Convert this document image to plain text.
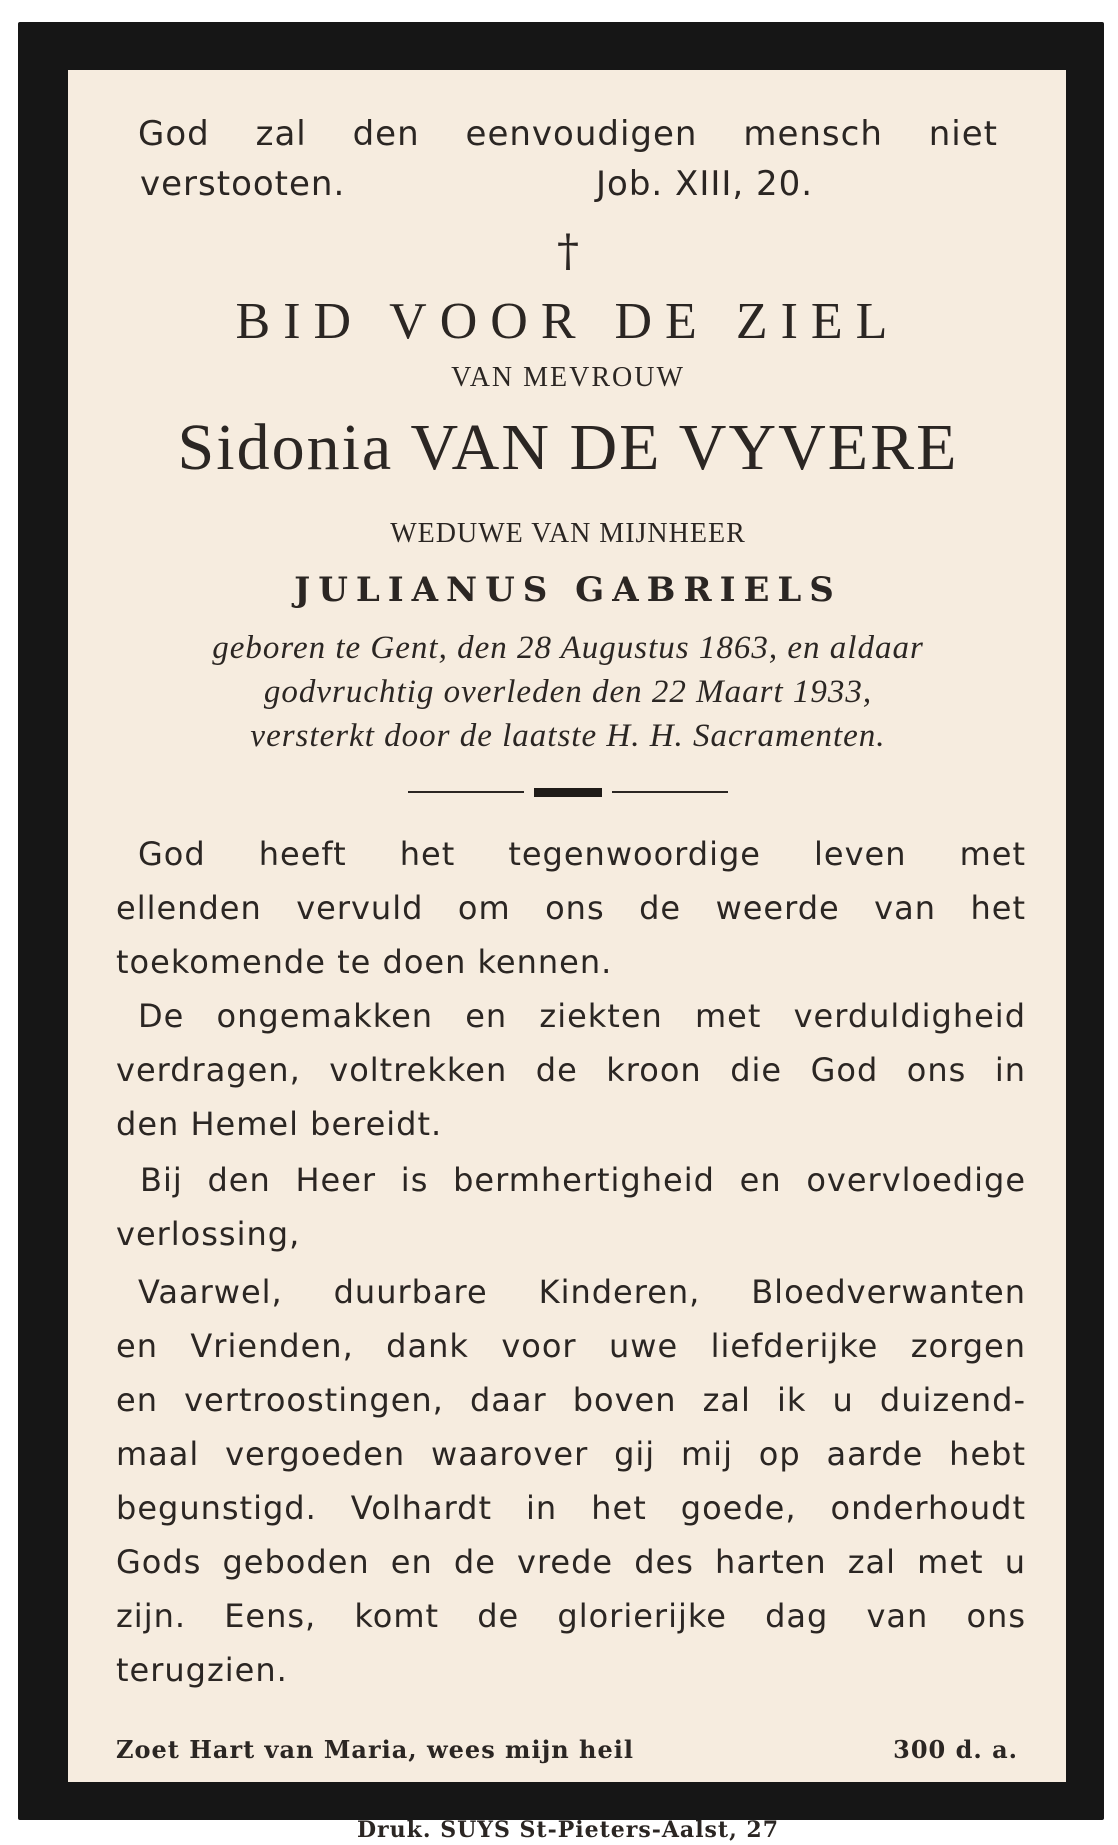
God zal den eenvoudigen mensch niet
verstooten.	Job. XIII, 20.
†
BID VOOR DE ZIEL
VAN MEVROUW
Sidonia VAN DE VYVERE
WEDUWE VAN MIJNHEER
JULIANUS GABRIELS
geboren te Gent, den 28 Augustus 1863, en aldaar
godvruchtig overleden den 22 Maart 1933,
versterkt door de laatste H. H. Sacramenten.
God heeft het tegenwoordige leven met
ellenden vervuld om ons de weerde van het
toekomende te doen kennen.
De ongemakken en ziekten met verduldigheid
verdragen, voltrekken de kroon die God ons in
den Hemel bereidt.
Bij den Heer is bermhertigheid en overvloedige
verlossing,
Vaarwel, duurbare Kinderen, Bloedverwanten
en Vrienden, dank voor uwe liefderijke zorgen
en vertroostingen, daar boven zal ik u duizend-
maal vergoeden waarover gij mij op aarde hebt
begunstigd. Volhardt in het goede, onderhoudt
Gods geboden en de vrede des harten zal met u
zijn. Eens, komt de glorierijke dag van ons
terugzien.
Zoet Hart van Maria, wees mijn heil	300 d. a.
Druk. SUYS St-Pieters-Aalst, 27
